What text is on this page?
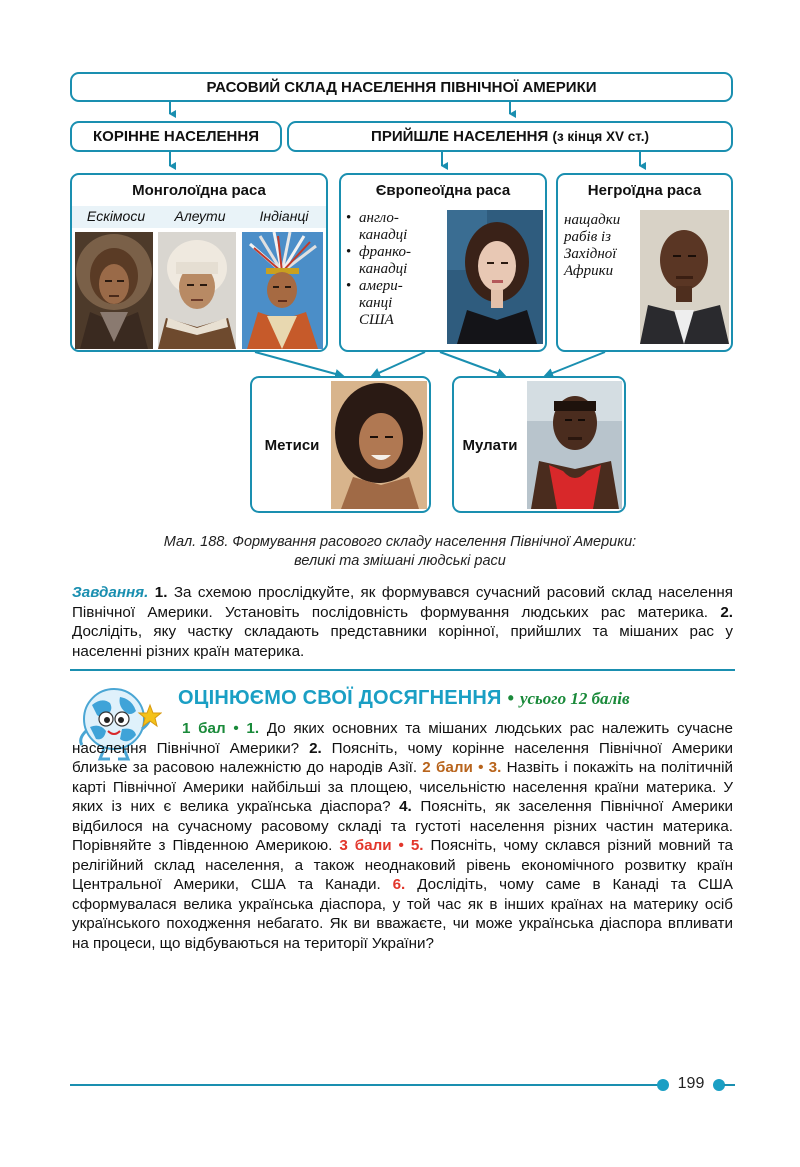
РАСОВИЙ СКЛАД НАСЕЛЕННЯ ПІВНІЧНОЇ АМЕРИКИ
КОРІННЕ НАСЕЛЕННЯ	ПРИЙШЛЕ НАСЕЛЕННЯ
(з кінця XV ст.)
Монголоїдна раса
Ескімоси	Алеути	Індіанці
Європеоїдна раса
• англо-
канадці
• франко-
канадці
• амери-
канці
США
Негроїдна раса
нащадки
рабів із
Західної
Африки
Метиси	Мулати
Мал. 188. Формування расового складу населення Північної Америки:
великі та змішані людські раси
Завдання. 1. За схемою прослідкуйте, як формувався сучасний расовий склад населення Північної Америки. Установіть послідовність формування людських рас материка. 2. Дослідіть, яку частку складають представники корінної, прийшлих та мішаних рас у населенні різних країн материка.
ОЦІНЮЄМО СВОЇ ДОСЯГНЕННЯ • усього 12 балів
1 бал • 1. До яких основних та мішаних людських рас належить сучасне населення Північної Америки? 2. Поясніть, чому корінне населення Північної Америки близьке за расовою належністю до народів Азії. 2 бали • 3. Назвіть і покажіть на політичній карті Північної Америки найбільші за площею, чисельністю населення країни материка. У яких із них є велика українська діаспора? 4. Поясніть, як заселення Північної Америки відбилося на сучасному расовому складі та густоті населення різних частин материка. Порівняйте з Південною Америкою. 3 бали • 5. Поясніть, чому склався різний мовний та релігійний склад населення, а також неоднаковий рівень економічного розвитку країн Центральної Америки, США та Канади. 6. Дослідіть, чому саме в Канаді та США сформувалася велика українська діаспора, у той час як в інших країнах на материку осіб українського походження небагато. Як ви вважаєте, чи може українська діаспора впливати на процеси, що відбуваються на території України?
199
